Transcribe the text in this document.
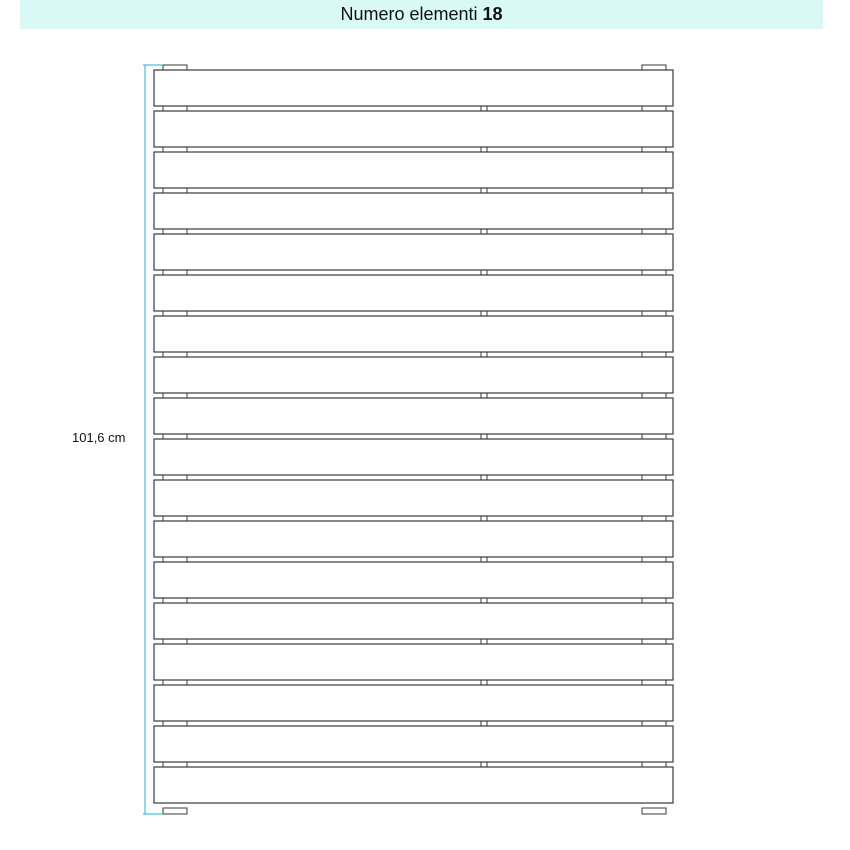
Numero elementi 18
101,6 cm
